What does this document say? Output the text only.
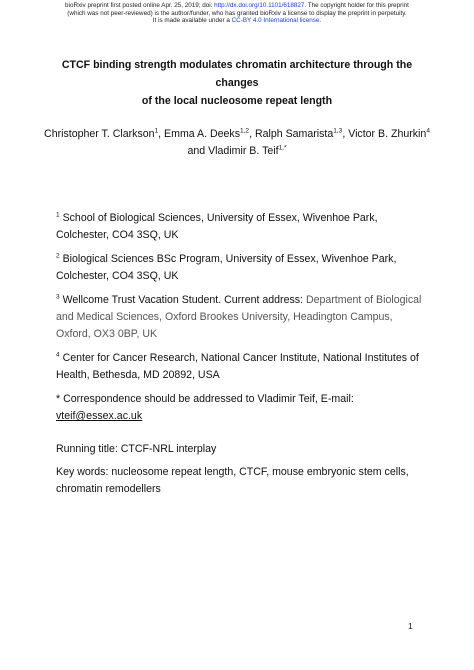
bioRxiv preprint first posted online Apr. 25, 2019; doi: http://dx.doi.org/10.1101/618827. The copyright holder for this preprint
(which was not peer-reviewed) is the author/funder, who has granted bioRxiv a license to display the preprint in perpetuity.
It is made available under a CC-BY 4.0 International license.
CTCF binding strength modulates chromatin architecture through the changes
of the local nucleosome repeat length
Christopher T. Clarkson$^1$, Emma A. Deeks$^{1,2}$, Ralph Samarista$^{1,3}$, Victor B. Zhurkin$^4$
and Vladimir B. Teif$^{1,*}$
$^1$ School of Biological Sciences, University of Essex, Wivenhoe Park, Colchester, CO4 3SQ, UK
$^2$ Biological Sciences BSc Program, University of Essex, Wivenhoe Park, Colchester, CO4 3SQ, UK
$^3$ Wellcome Trust Vacation Student. Current address: Department of Biological and Medical Sciences, Oxford Brookes University, Headington Campus, Oxford, OX3 0BP, UK
$^4$ Center for Cancer Research, National Cancer Institute, National Institutes of Health, Bethesda, MD 20892, USA
* Correspondence should be addressed to Vladimir Teif, E-mail: vteif@essex.ac.uk
Running title: CTCF-NRL interplay
Key words: nucleosome repeat length, CTCF, mouse embryonic stem cells, chromatin remodellers
1
